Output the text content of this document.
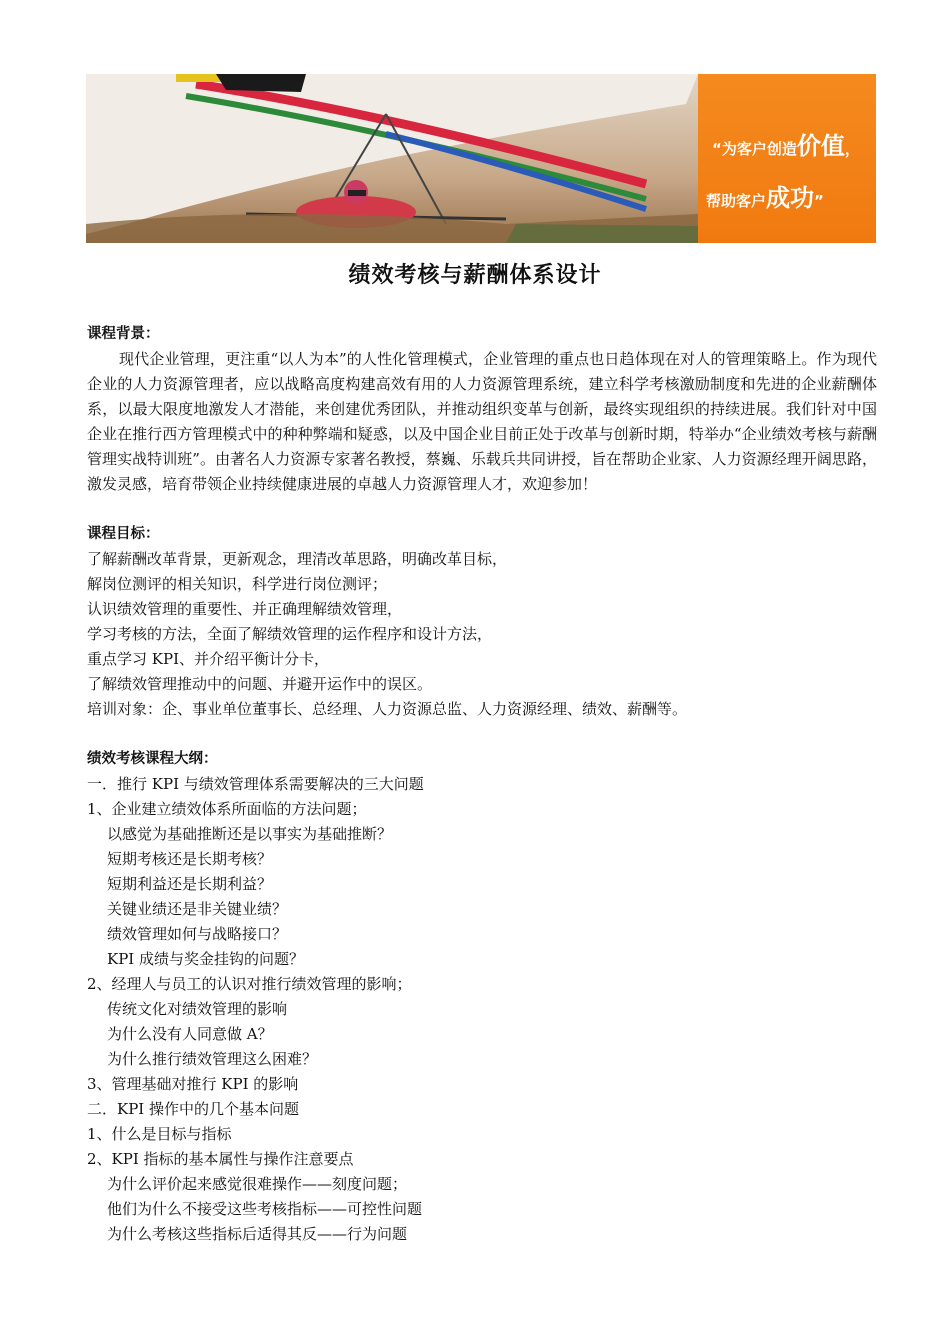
“为客户创造价值，
帮助客户成功”
绩效考核与薪酬体系设计
课程背景：

现代企业管理，更注重“以人为本”的人性化管理模式，企业管理的重点也日趋体现在对人的管理策略上。作为现代企业的人力资源管理者，应以战略高度构建高效有用的人力资源管理系统，建立科学考核激励制度和先进的企业薪酬体系，以最大限度地激发人才潜能，来创建优秀团队，并推动组织变革与创新，最终实现组织的持续进展。我们针对中国企业在推行西方管理模式中的种种弊端和疑惑，以及中国企业目前正处于改革与创新时期，特举办“企业绩效考核与薪酬管理实战特训班”。由著名人力资源专家著名教授，蔡巍、乐载兵共同讲授，旨在帮助企业家、人力资源经理开阔思路，激发灵感，培育带领企业持续健康进展的卓越人力资源管理人才，欢迎参加！

课程目标：

了解薪酬改革背景，更新观念，理清改革思路，明确改革目标，

解岗位测评的相关知识，科学进行岗位测评；

认识绩效管理的重要性、并正确理解绩效管理，

学习考核的方法，全面了解绩效管理的运作程序和设计方法，

重点学习 KPI、并介绍平衡计分卡，

了解绩效管理推动中的问题、并避开运作中的误区。

培训对象：企、事业单位董事长、总经理、人力资源总监、人力资源经理、绩效、薪酬等。

绩效考核课程大纲：

一．推行 KPI 与绩效管理体系需要解决的三大问题

1、企业建立绩效体系所面临的方法问题；

以感觉为基础推断还是以事实为基础推断？

短期考核还是长期考核？

短期利益还是长期利益？

关键业绩还是非关键业绩？

绩效管理如何与战略接口？

KPI 成绩与奖金挂钩的问题？

2、经理人与员工的认识对推行绩效管理的影响；

传统文化对绩效管理的影响

为什么没有人同意做 A？

为什么推行绩效管理这么困难？

3、管理基础对推行 KPI 的影响

二．KPI 操作中的几个基本问题

1、什么是目标与指标

2、KPI 指标的基本属性与操作注意要点

为什么评价起来感觉很难操作——刻度问题；

他们为什么不接受这些考核指标——可控性问题

为什么考核这些指标后适得其反——行为问题
